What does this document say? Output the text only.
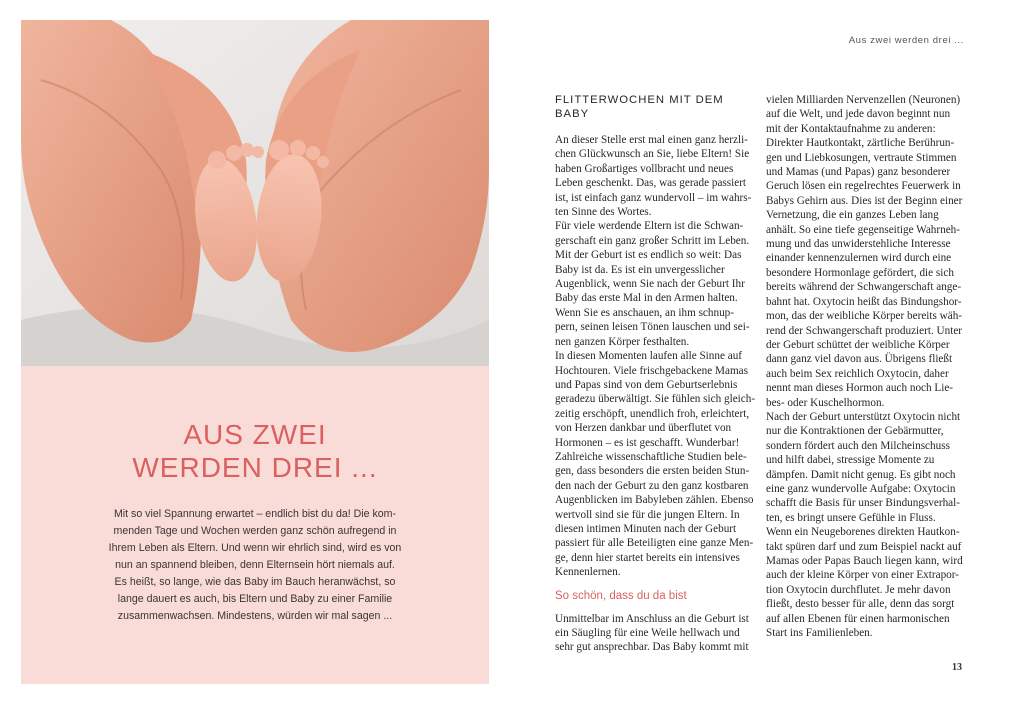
AUS ZWEI
WERDEN DREI ...
Mit so viel Spannung erwartet – endlich bist du da! Die kom-
menden Tage und Wochen werden ganz schön aufregend in
Ihrem Leben als Eltern. Und wenn wir ehrlich sind, wird es von
nun an spannend bleiben, denn Elternsein hört niemals auf.
Es heißt, so lange, wie das Baby im Bauch heranwächst, so
lange dauert es auch, bis Eltern und Baby zu einer Familie
zusammenwachsen. Mindestens, würden wir mal sagen ...
Aus zwei werden drei ...
FLITTERWOCHEN MIT DEM BABY

An dieser Stelle erst mal einen ganz herzli-
chen Glückwunsch an Sie, liebe Eltern! Sie
haben Großartiges vollbracht und neues
Leben geschenkt. Das, was gerade passiert
ist, ist einfach ganz wundervoll – im wahrs-
ten Sinne des Wortes.

Für viele werdende Eltern ist die Schwan-
gerschaft ein ganz großer Schritt im Leben.
Mit der Geburt ist es endlich so weit: Das
Baby ist da. Es ist ein unvergesslicher
Augenblick, wenn Sie nach der Geburt Ihr
Baby das erste Mal in den Armen halten.
Wenn Sie es anschauen, an ihm schnup-
pern, seinen leisen Tönen lauschen und sei-
nen ganzen Körper festhalten.

In diesen Momenten laufen alle Sinne auf
Hochtouren. Viele frischgebackene Mamas
und Papas sind von dem Geburtserlebnis
geradezu überwältigt. Sie fühlen sich gleich-
zeitig erschöpft, unendlich froh, erleichtert,
von Herzen dankbar und überflutet von
Hormonen – es ist geschafft. Wunderbar!
Zahlreiche wissenschaftliche Studien bele-
gen, dass besonders die ersten beiden Stun-
den nach der Geburt zu den ganz kostbaren
Augenblicken im Babyleben zählen. Ebenso
wertvoll sind sie für die jungen Eltern. In
diesen intimen Minuten nach der Geburt
passiert für alle Beteiligten eine ganze Men-
ge, denn hier startet bereits ein intensives
Kennenlernen.

So schön, dass du da bist

Unmittelbar im Anschluss an die Geburt ist
ein Säugling für eine Weile hellwach und
sehr gut ansprechbar. Das Baby kommt mit

vielen Milliarden Nervenzellen (Neuronen)
auf die Welt, und jede davon beginnt nun
mit der Kontaktaufnahme zu anderen:
Direkter Hautkontakt, zärtliche Berührun-
gen und Liebkosungen, vertraute Stimmen
und Mamas (und Papas) ganz besonderer
Geruch lösen ein regelrechtes Feuerwerk in
Babys Gehirn aus. Dies ist der Beginn einer
Vernetzung, die ein ganzes Leben lang
anhält. So eine tiefe gegenseitige Wahrneh-
mung und das unwiderstehliche Interesse
einander kennenzulernen wird durch eine
besondere Hormonlage gefördert, die sich
bereits während der Schwangerschaft ange-
bahnt hat. Oxytocin heißt das Bindungshor-
mon, das der weibliche Körper bereits wäh-
rend der Schwangerschaft produziert. Unter
der Geburt schüttet der weibliche Körper
dann ganz viel davon aus. Übrigens fließt
auch beim Sex reichlich Oxytocin, daher
nennt man dieses Hormon auch noch Lie-
bes- oder Kuschelhormon.

Nach der Geburt unterstützt Oxytocin nicht
nur die Kontraktionen der Gebärmutter,
sondern fördert auch den Milcheinschuss
und hilft dabei, stressige Momente zu
dämpfen. Damit nicht genug. Es gibt noch
eine ganz wundervolle Aufgabe: Oxytocin
schafft die Basis für unser Bindungsverhal-
ten, es bringt unsere Gefühle in Fluss.

Wenn ein Neugeborenes direkten Hautkon-
takt spüren darf und zum Beispiel nackt auf
Mamas oder Papas Bauch liegen kann, wird
auch der kleine Körper von einer Extrapor-
tion Oxytocin durchflutet. Je mehr davon
fließt, desto besser für alle, denn das sorgt
auf allen Ebenen für einen harmonischen
Start ins Familienleben.

13
